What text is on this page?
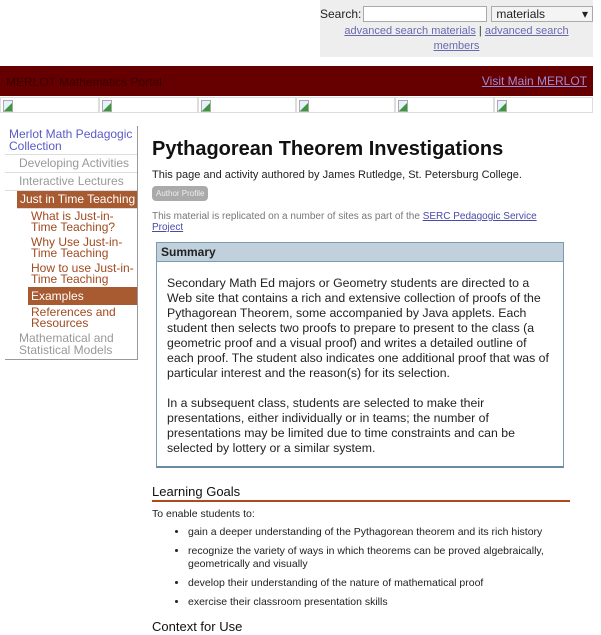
Search:	materials	▾
advanced search materials | advanced search members
MERLOT Mathematics Portal	Visit Main MERLOT
Merlot Math Pedagogic Collection
Developing Activities
Interactive Lectures
Just in Time Teaching
What is Just-in-Time Teaching?
Why Use Just-in-Time Teaching
How to use Just-in-Time Teaching
Examples
References and Resources
Mathematical and Statistical Models
Pythagorean Theorem Investigations
This page and activity authored by James Rutledge, St. Petersburg College.
Author Profile
This material is replicated on a number of sites as part of the SERC Pedagogic Service Project
Summary

Secondary Math Ed majors or Geometry students are directed to a Web site that contains a rich and extensive collection of proofs of the Pythagorean Theorem, some accompanied by Java applets. Each student then selects two proofs to prepare to present to the class (a geometric proof and a visual proof) and writes a detailed outline of each proof. The student also indicates one additional proof that was of particular interest and the reason(s) for its selection.

In a subsequent class, students are selected to make their presentations, either individually or in teams; the number of presentations may be limited due to time constraints and can be selected by lottery or a similar system.

Learning Goals
To enable students to:
• gain a deeper understanding of the Pythagorean theorem and its rich history
• recognize the variety of ways in which theorems can be proved algebraically, geometrically and visually
• develop their understanding of the nature of mathematical proof
• exercise their classroom presentation skills
Context for Use
